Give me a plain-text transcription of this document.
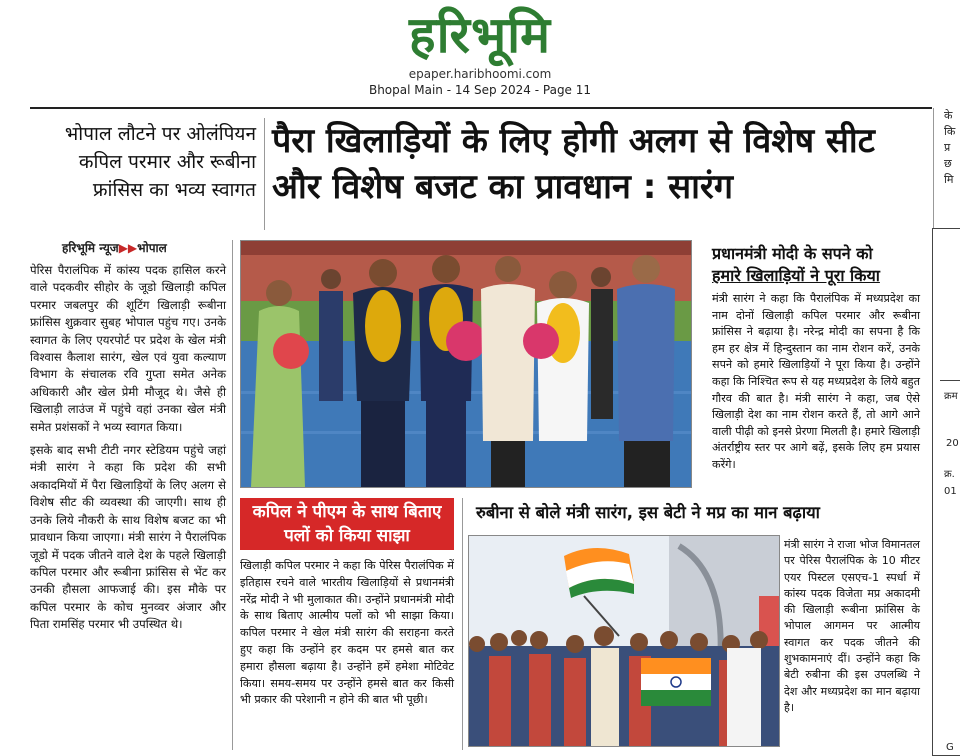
हरिभूमि
epaper.haribhoomi.com
Bhopal Main - 14 Sep 2024 - Page 11
भोपाल लौटने पर ओलंपियन कपिल परमार और रूबीना फ्रांसिस का भव्य स्वागत
पैरा खिलाड़ियों के लिए होगी अलग से विशेष सीट और विशेष बजट का प्रावधान : सारंग
हरिभूमि न्यूज▶▶भोपाल

पेरिस पैरालंपिक में कांस्य पदक हासिल करने वाले पदकवीर सीहोर के जूडो खिलाड़ी कपिल परमार जबलपुर की शूटिंग खिलाड़ी रूबीना फ्रांसिस शुक्रवार सुबह भोपाल पहुंच गए। उनके स्वागत के लिए एयरपोर्ट पर प्रदेश के खेल मंत्री विश्वास कैलाश सारंग, खेल एवं युवा कल्याण विभाग के संचालक रवि गुप्ता समेत अनेक अधिकारी और खेल प्रेमी मौजूद थे। जैसे ही खिलाड़ी लाउंज में पहुंचे वहां उनका खेल मंत्री समेत प्रशंसकों ने भव्य स्वागत किया।

इसके बाद सभी टीटी नगर स्टेडियम पहुंचे जहां मंत्री सारंग ने कहा कि प्रदेश की सभी अकादमियों में पैरा खिलाड़ियों के लिए अलग से विशेष सीट की व्यवस्था की जाएगी। साथ ही उनके लिये नौकरी के साथ विशेष बजट का भी प्रावधान किया जाएगा। मंत्री सारंग ने पैरालंपिक जूडो में पदक जीतने वाले देश के पहले खिलाड़ी कपिल परमार और रूबीना फ्रांसिस से भेंट कर उनकी हौसला आफजाई की। इस मौके पर कपिल परमार के कोच मुनव्वर अंजार और पिता रामसिंह परमार भी उपस्थित थे।

प्रधानमंत्री मोदी के सपने को
हमारे खिलाड़ियों ने पूरा किया
मंत्री सारंग ने कहा कि पैरालंपिक में मध्यप्रदेश का नाम दोनों खिलाड़ी कपिल परमार और रूबीना फ्रांसिस ने बढ़ाया है। नरेन्द्र मोदी का सपना है कि हम हर क्षेत्र में हिन्दुस्तान का नाम रोशन करें, उनके सपने को हमारे खिलाड़ियों ने पूरा किया है। उन्होंने कहा कि निश्चित रूप से यह मध्यप्रदेश के लिये बहुत गौरव की बात है। मंत्री सारंग ने कहा, जब ऐसे खिलाड़ी देश का नाम रोशन करते हैं, तो आगे आने वाली पीढ़ी को इनसे प्रेरणा मिलती है। हमारे खिलाड़ी अंतर्राष्ट्रीय स्तर पर आगे बढ़ें, इसके लिए हम प्रयास करेंगे।
कपिल ने पीएम के साथ बिताए
पलों को किया साझा
खिलाड़ी कपिल परमार ने कहा कि पेरिस पैरालंपिक में इतिहास रचने वाले भारतीय खिलाड़ियों से प्रधानमंत्री नरेंद्र मोदी ने भी मुलाकात की। उन्होंने प्रधानमंत्री मोदी के साथ बिताए आत्मीय पलों को भी साझा किया। कपिल परमार ने खेल मंत्री सारंग की सराहना करते हुए कहा कि उन्होंने हर कदम पर हमसे बात कर हमारा हौसला बढ़ाया है। उन्होंने हमें हमेशा मोटिवेट किया। समय-समय पर उन्होंने हमसे बात कर किसी भी प्रकार की परेशानी न होने की बात भी पूछी।
रुबीना से बोले मंत्री सारंग, इस बेटी ने मप्र का मान बढ़ाया
मंत्री सारंग ने राजा भोज विमानतल पर पेरिस पैरालंपिक के 10 मीटर एयर पिस्टल एसएच-1 स्पर्धा में कांस्य पदक विजेता मप्र अकादमी की खिलाड़ी रूबीना फ्रांसिस के भोपाल आगमन पर आत्मीय स्वागत कर पदक जीतने की शुभकामनाएं दीं। उन्होंने कहा कि बेटी रुबीना की इस उपलब्धि ने देश और मध्यप्रदेश का मान बढ़ाया है।
के
कि
प्र
छ
मि
क्रम
20
क्र.
01
G
